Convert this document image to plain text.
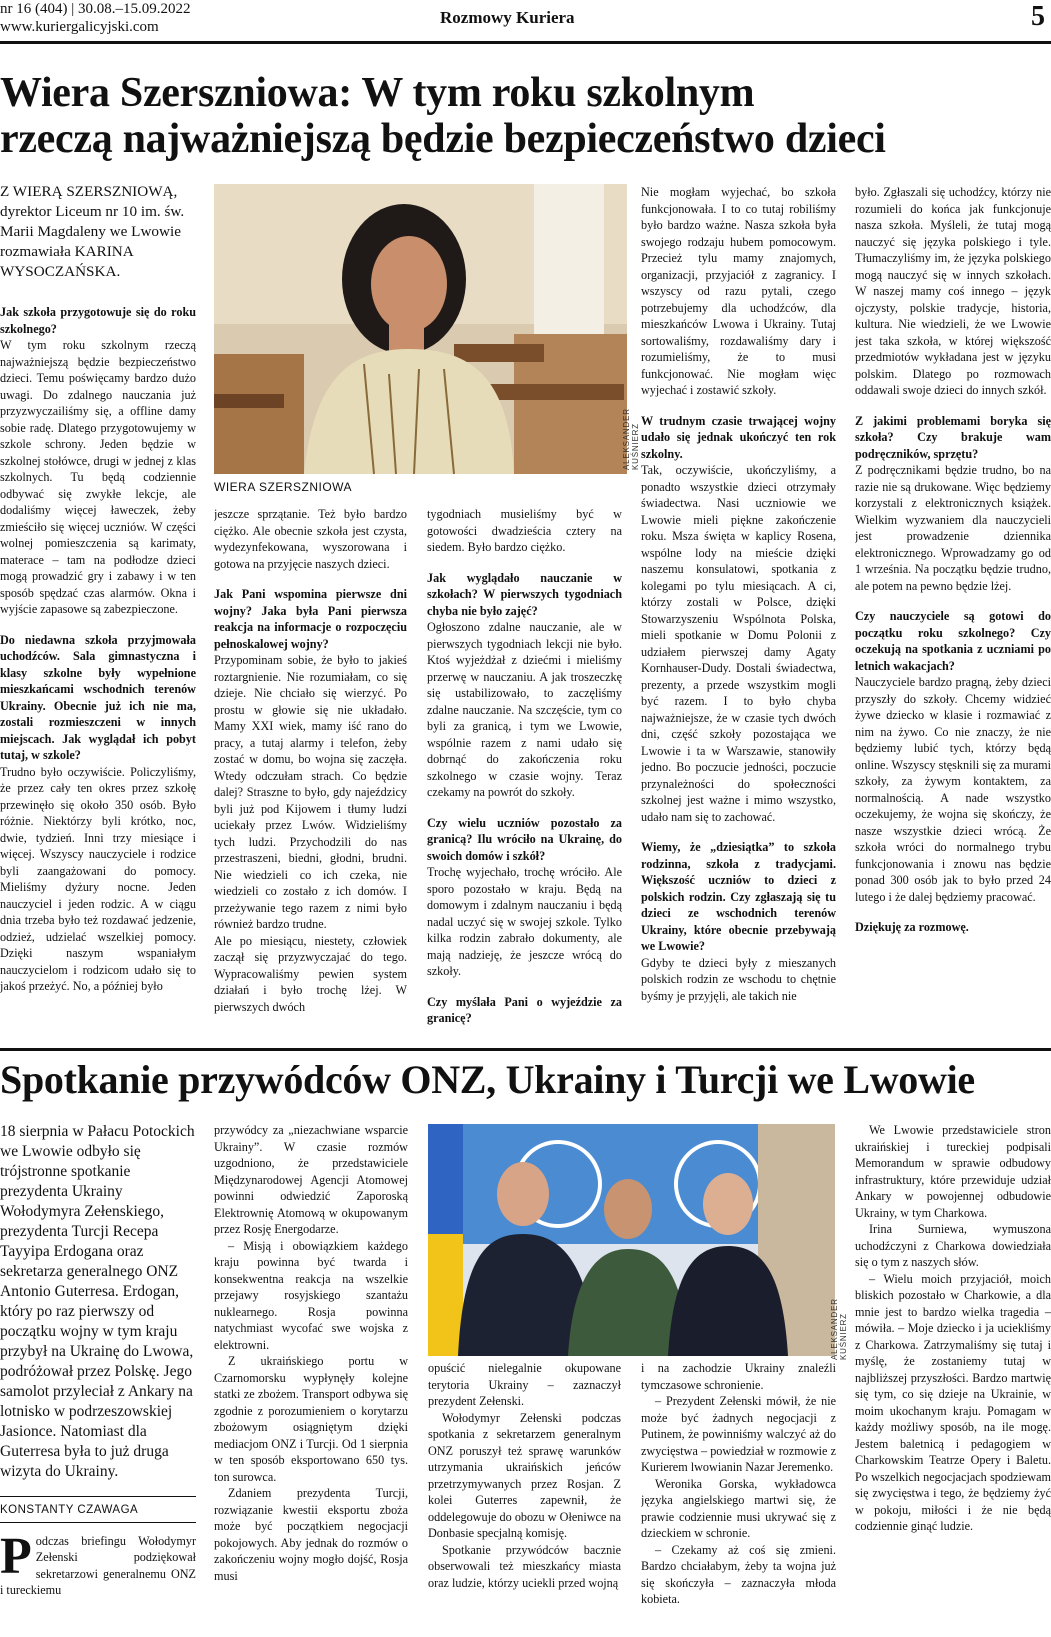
nr 16 (404) | 30.08.–15.09.2022
www.kuriergalicyjski.com	Rozmowy Kuriera	5
Wiera Szerszniowa: W tym roku szkolnym
rzeczą najważniejszą będzie bezpieczeństwo dzieci

Z WIERĄ SZERSZNIOWĄ, dyrektor Liceum nr 10 im. św. Marii Magdaleny we Lwowie rozmawiała KARINA WYSOCZAŃSKA.

Jak szkoła przygotowuje się do roku szkolnego?

W tym roku szkolnym rzeczą najważniejszą będzie bezpieczeństwo dzieci. Temu poświęcamy bardzo dużo uwagi. Do zdalnego nauczania już przyzwyczailiśmy się, a offline damy sobie radę. Dlatego przygotowujemy w szkole schrony. Jeden będzie w szkolnej stołówce, drugi w jednej z klas szkolnych. Tu będą codziennie odbywać się zwykłe lekcje, ale dodaliśmy więcej ławeczek, żeby zmieściło się więcej uczniów. W części wolnej pomieszczenia są karimaty, materace – tam na podłodze dzieci mogą prowadzić gry i zabawy i w ten sposób spędzać czas alarmów. Okna i wyjście zapasowe są zabezpieczone.

Do niedawna szkoła przyjmowała uchodźców. Sala gimnastyczna i klasy szkolne były wypełnione mieszkańcami wschodnich terenów Ukrainy. Obecnie już ich nie ma, zostali rozmieszczeni w innych miejscach. Jak wyglądał ich pobyt tutaj, w szkole?

Trudno było oczywiście. Policzyliśmy, że przez cały ten okres przez szkołę przewinęło się około 350 osób. Było różnie. Niektórzy byli krótko, noc, dwie, tydzień. Inni trzy miesiące i więcej. Wszyscy nauczyciele i rodzice byli zaangażowani do pomocy. Mieliśmy dyżury nocne. Jeden nauczyciel i jeden rodzic. A w ciągu dnia trzeba było też rozdawać jedzenie, odzież, udzielać wszelkiej pomocy. Dzięki naszym wspaniałym nauczycielom i rodzicom udało się to jakoś przeżyć. No, a później było

ALEKSANDER KUŚNIERZ
WIERA SZERSZNIOWA

jeszcze sprzątanie. Też było bardzo ciężko. Ale obecnie szkoła jest czysta, wydezynfekowana, wyszorowana i gotowa na przyjęcie naszych dzieci.

Jak Pani wspomina pierwsze dni wojny? Jaka była Pani pierwsza reakcja na informacje o rozpoczęciu pełnoskalowej wojny?

Przypominam sobie, że było to jakieś roztargnienie. Nie rozumiałam, co się dzieje. Nie chciało się wierzyć. Po prostu w głowie się nie układało. Mamy XXI wiek, mamy iść rano do pracy, a tutaj alarmy i telefon, żeby zostać w domu, bo wojna się zaczęła. Wtedy odczułam strach. Co będzie dalej? Straszne to było, gdy najeździcy byli już pod Kijowem i tłumy ludzi uciekały przez Lwów. Widzieliśmy tych ludzi. Przychodzili do nas przestraszeni, biedni, głodni, brudni. Nie wiedzieli co ich czeka, nie wiedzieli co zostało z ich domów. I przeżywanie tego razem z nimi było również bardzo trudne.

Ale po miesiącu, niestety, człowiek zaczął się przyzwyczajać do tego. Wypracowaliśmy pewien system działań i było trochę lżej. W pierwszych dwóch

tygodniach musieliśmy być w gotowości dwadzieścia cztery na siedem. Było bardzo ciężko.

Jak wyglądało nauczanie w szkołach? W pierwszych tygodniach chyba nie było zajęć?

Ogłoszono zdalne nauczanie, ale w pierwszych tygodniach lekcji nie było. Ktoś wyjeżdżał z dziećmi i mieliśmy przerwę w nauczaniu. A jak troszeczkę się ustabilizowało, to zaczęliśmy zdalne nauczanie. Na szczęście, tym co byli za granicą, i tym we Lwowie, wspólnie razem z nami udało się dobrnąć do zakończenia roku szkolnego w czasie wojny. Teraz czekamy na powrót do szkoły.

Czy wielu uczniów pozostało za granicą? Ilu wróciło na Ukrainę, do swoich domów i szkół?

Trochę wyjechało, trochę wróciło. Ale sporo pozostało w kraju. Będą na domowym i zdalnym nauczaniu i będą nadal uczyć się w swojej szkole. Tylko kilka rodzin zabrało dokumenty, ale mają nadzieję, że jeszcze wrócą do szkoły.

Czy myślała Pani o wyjeździe za granicę?

Nie mogłam wyjechać, bo szkoła funkcjonowała. I to co tutaj robiliśmy było bardzo ważne. Nasza szkoła była swojego rodzaju hubem pomocowym. Przecież tylu mamy znajomych, organizacji, przyjaciół z zagranicy. I wszyscy od razu pytali, czego potrzebujemy dla uchodźców, dla mieszkańców Lwowa i Ukrainy. Tutaj sortowaliśmy, rozdawaliśmy dary i rozumieliśmy, że to musi funkcjonować. Nie mogłam więc wyjechać i zostawić szkoły.

W trudnym czasie trwającej wojny udało się jednak ukończyć ten rok szkolny.

Tak, oczywiście, ukończyliśmy, a ponadto wszystkie dzieci otrzymały świadectwa. Nasi uczniowie we Lwowie mieli piękne zakończenie roku. Msza święta w kaplicy Rosenа, wspólne lody na mieście dzięki naszemu konsulatowi, spotkania z kolegami po tylu miesiącach. A ci, którzy zostali w Polsce, dzięki Stowarzyszeniu Wspólnota Polska, mieli spotkanie w Domu Polonii z udziałem pierwszej damy Agaty Kornhauser-Dudy. Dostali świadectwa, prezenty, a przede wszystkim mogli być razem. I to było chyba najważniejsze, że w czasie tych dwóch dni, część szkoły pozostająca we Lwowie i ta w Warszawie, stanowiły jedno. Bo poczucie jedności, poczucie przynależności do społeczności szkolnej jest ważne i mimo wszystko, udało nam się to zachować.

Wiemy, że „dziesiątka” to szkoła rodzinna, szkoła z tradycjami. Większość uczniów to dzieci z polskich rodzin. Czy zgłaszają się tu dzieci ze wschodnich terenów Ukrainy, które obecnie przebywają we Lwowie?

Gdyby te dzieci były z mieszanych polskich rodzin ze wschodu to chętnie byśmy je przyjęli, ale takich nie

było. Zgłaszali się uchodźcy, którzy nie rozumieli do końca jak funkcjonuje nasza szkoła. Myśleli, że tutaj mogą nauczyć się języka polskiego i tyle. Tłumaczyliśmy im, że języka polskiego mogą nauczyć się w innych szkołach. W naszej mamy coś innego – język ojczysty, polskie tradycje, historia, kultura. Nie wiedzieli, że we Lwowie jest taka szkoła, w której większość przedmiotów wykładana jest w języku polskim. Dlatego po rozmowach oddawali swoje dzieci do innych szkół.

Z jakimi problemami boryka się szkoła? Czy brakuje wam podręczników, sprzętu?

Z podręcznikami będzie trudno, bo na razie nie są drukowane. Więc będziemy korzystali z elektronicznych książek. Wielkim wyzwaniem dla nauczycieli jest prowadzenie dziennika elektronicznego. Wprowadzamy go od 1 września. Na początku będzie trudno, ale potem na pewno będzie lżej.

Czy nauczyciele są gotowi do początku roku szkolnego? Czy oczekują na spotkania z uczniami po letnich wakacjach?

Nauczyciele bardzo pragną, żeby dzieci przyszły do szkoły. Chcemy widzieć żywe dziecko w klasie i rozmawiać z nim na żywo. Co nie znaczy, że nie będziemy lubić tych, którzy będą online. Wszyscy stęsknili się za murami szkoły, za żywym kontaktem, za normalnością. A nade wszystko oczekujemy, że wojna się skończy, że nasze wszystkie dzieci wrócą. Że szkoła wróci do normalnego trybu funkcjonowania i znowu nas będzie ponad 300 osób jak to było przed 24 lutego i że dalej będziemy pracować.

Dziękuję za rozmowę.

Spotkanie przywódców ONZ, Ukrainy i Turcji we Lwowie

18 sierpnia w Pałacu Potockich we Lwowie odbyło się trójstronne spotkanie prezydenta Ukrainy Wołodymyra Zełenskiego, prezydenta Turcji Recepa Tayyipa Erdogana oraz sekretarza generalnego ONZ Antonio Guterresa. Erdogan, który po raz pierwszy od początku wojny w tym kraju przybył na Ukrainę do Lwowa, podróżował przez Polskę. Jego samolot przyleciał z Ankary na lotnisko w podrzeszowskiej Jasionce. Natomiast dla Guterresa była to już druga wizyta do Ukrainy.

KONSTANTY CZAWAGA

Podczas briefingu Wołodymyr Zełenski podziękował sekretarzowi generalnemu ONZ i tureckiemu

przywódcy za „niezachwiane wsparcie Ukrainy”. W czasie rozmów uzgodniono, że przedstawiciele Międzynarodowej Agencji Atomowej powinni odwiedzić Zaporoską Elektrownię Atomową w okupowanym przez Rosję Energodarze.

– Misją i obowiązkiem każdego kraju powinna być twarda i konsekwentna reakcja na wszelkie przejawy rosyjskiego szantażu nuklearnego. Rosja powinna natychmiast wycofać swe wojska z elektrowni.

Z ukraińskiego portu w Czarnomorsku wypłynęły kolejne statki ze zbożem. Transport odbywa się zgodnie z porozumieniem o korytarzu zbożowym osiągniętym dzięki mediacjom ONZ i Turcji. Od 1 sierpnia w ten sposób eksportowano 650 tys. ton surowca.

Zdaniem prezydenta Turcji, rozwiązanie kwestii eksportu zboża może być początkiem negocjacji pokojowych. Aby jednak do rozmów o zakończeniu wojny mogło dojść, Rosja musi

ALEKSANDER KUŚNIERZ

opuścić nielegalnie okupowane terytoria Ukrainy – zaznaczył prezydent Zełenski.

Wołodymyr Zełenski podczas spotkania z sekretarzem generalnym ONZ poruszył też sprawę warunków utrzymania ukraińskich jeńców przetrzymywanych przez Rosjan. Z kolei Guterres zapewnił, że oddelegowuje do obozu w Ołeniwce na Donbasie specjalną komisję.

Spotkanie przywódców bacznie obserwowali też mieszkańcy miasta oraz ludzie, którzy uciekli przed wojną

i na zachodzie Ukrainy znaleźli tymczasowe schronienie.

– Prezydent Zełenski mówił, że nie może być żadnych negocjacji z Putinem, że powinniśmy walczyć aż do zwycięstwa – powiedział w rozmowie z Kurierem lwowianin Nazar Jeremenko.

Weronika Gorska, wykładowca języka angielskiego martwi się, że prawie codziennie musi ukrywać się z dzieckiem w schronie.

– Czekamy aż coś się zmieni. Bardzo chciałabym, żeby ta wojna już się skończyła – zaznaczyła młoda kobieta.

We Lwowie przedstawiciele stron ukraińskiej i tureckiej podpisali Memorandum w sprawie odbudowy infrastruktury, które przewiduje udział Ankary w powojennej odbudowie Ukrainy, w tym Charkowa.

Irina Surniewa, wymuszona uchodźczyni z Charkowa dowiedziała się o tym z naszych słów.

– Wielu moich przyjaciół, moich bliskich pozostało w Charkowie, a dla mnie jest to bardzo wielka tragedia – mówiła. – Moje dziecko i ja uciekliśmy z Charkowa. Zatrzymaliśmy się tutaj i myślę, że zostaniemy tutaj w najbliższej przyszłości. Bardzo martwię się tym, co się dzieje na Ukrainie, w moim ukochanym kraju. Pomagam w każdy możliwy sposób, na ile mogę. Jestem baletnicą i pedagogiem w Charkowskim Teatrze Opery i Baletu. Po wszelkich negocjacjach spodziewam się zwycięstwa i tego, że będziemy żyć w pokoju, miłości i że nie będą codziennie ginąć ludzie.
